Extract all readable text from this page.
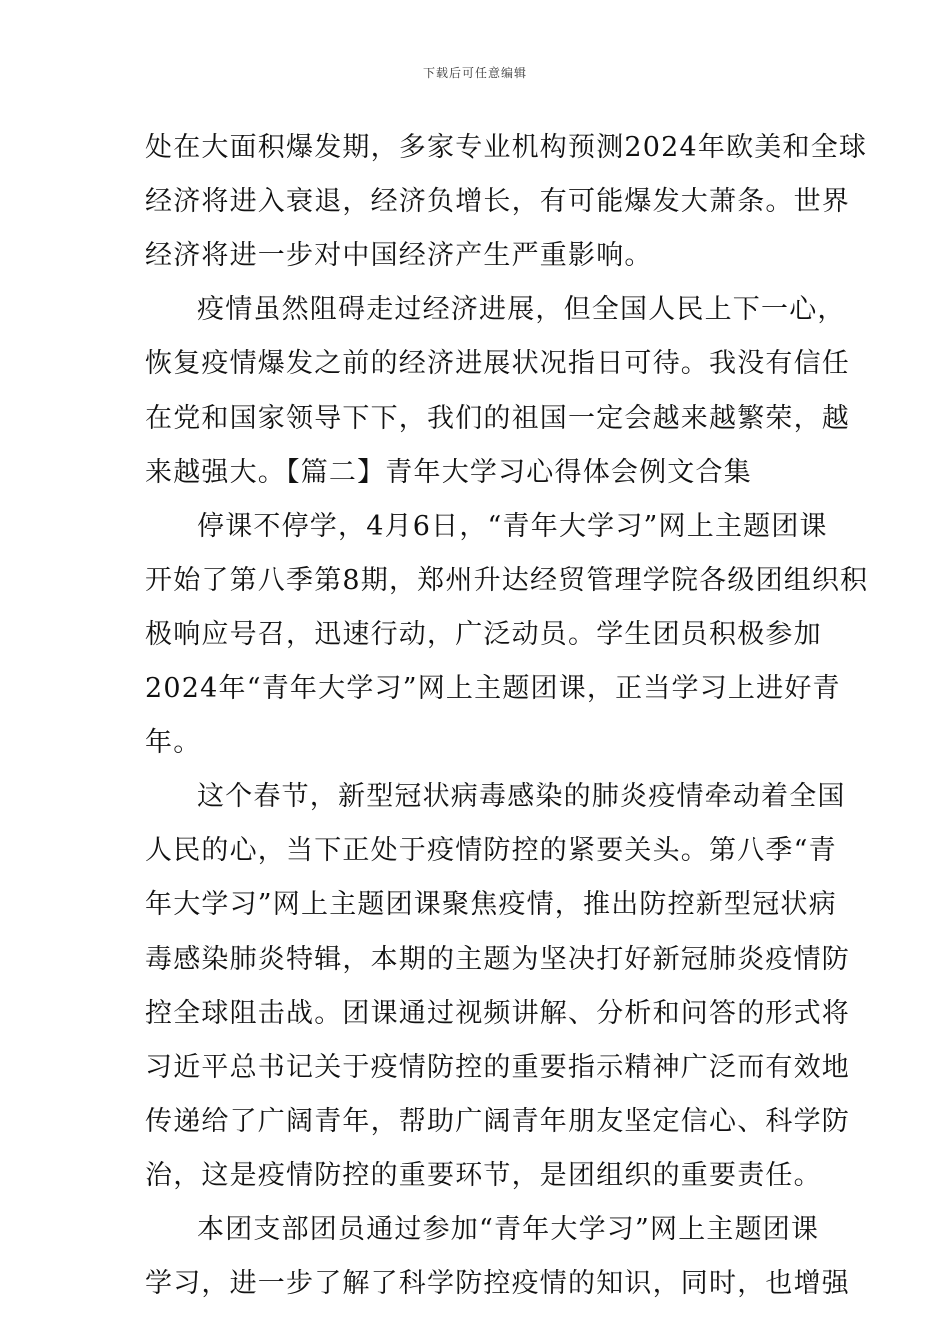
下载后可任意编辑
处在大面积爆发期，多家专业机构预测2024年欧美和全球
经济将进入衰退，经济负增长，有可能爆发大萧条。世界
经济将进一步对中国经济产生严重影响。
疫情虽然阻碍走过经济进展，但全国人民上下一心，
恢复疫情爆发之前的经济进展状况指日可待。我没有信任
在党和国家领导下下，我们的祖国一定会越来越繁荣，越
来越强大。【篇二】青年大学习心得体会例文合集
停课不停学，4月6日，“青年大学习”网上主题团课
开始了第八季第8期，郑州升达经贸管理学院各级团组织积
极响应号召，迅速行动，广泛动员。学生团员积极参加
2024年“青年大学习”网上主题团课，正当学习上进好青
年。
这个春节，新型冠状病毒感染的肺炎疫情牵动着全国
人民的心，当下正处于疫情防控的紧要关头。第八季“青
年大学习”网上主题团课聚焦疫情，推出防控新型冠状病
毒感染肺炎特辑，本期的主题为坚决打好新冠肺炎疫情防
控全球阻击战。团课通过视频讲解、分析和问答的形式将
习近平总书记关于疫情防控的重要指示精神广泛而有效地
传递给了广阔青年，帮助广阔青年朋友坚定信心、科学防
治，这是疫情防控的重要环节，是团组织的重要责任。
本团支部团员通过参加“青年大学习”网上主题团课
学习，进一步了解了科学防控疫情的知识，同时，也增强
